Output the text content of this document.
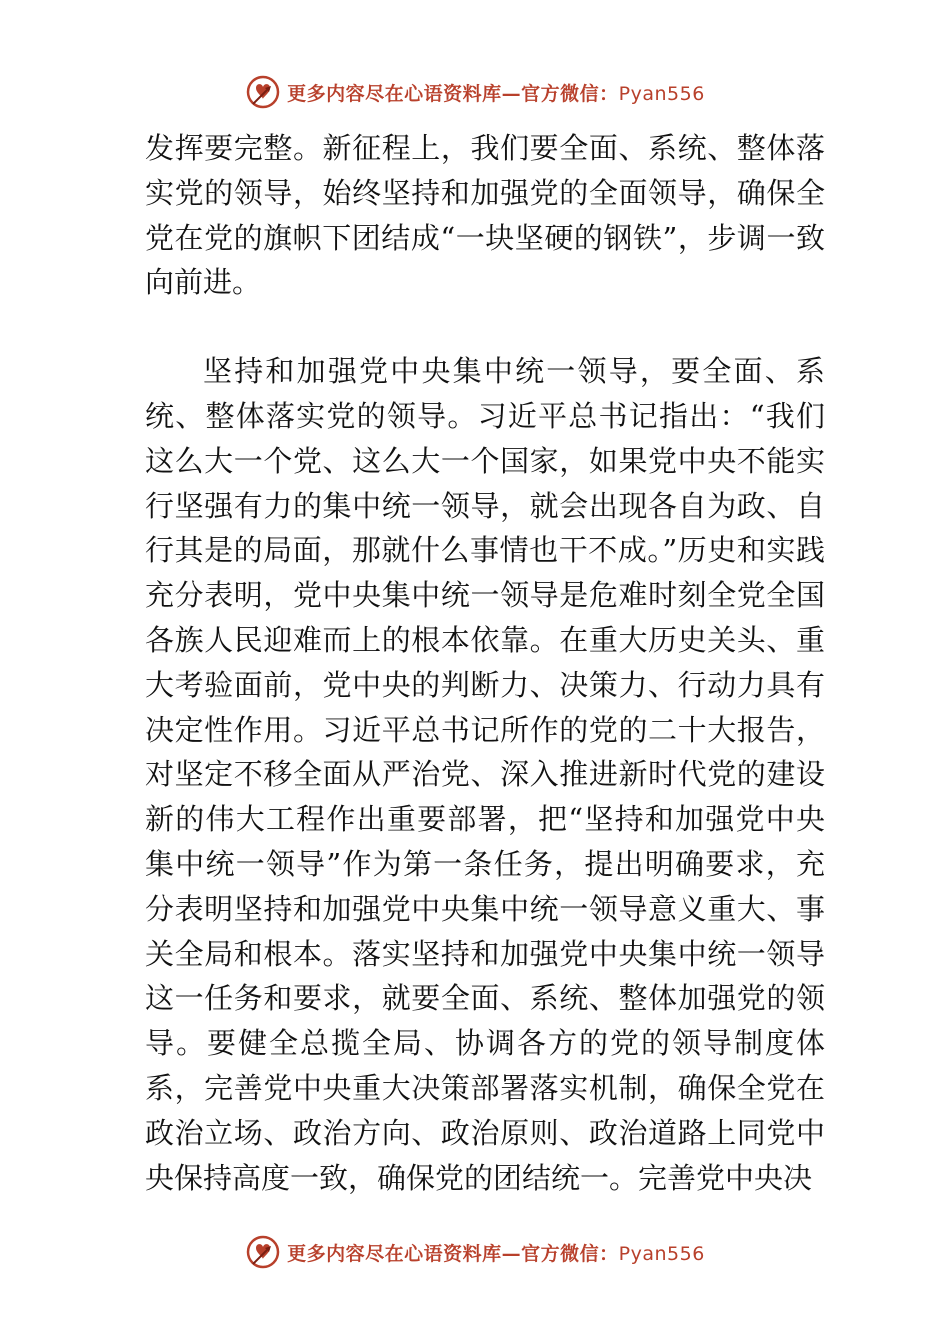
更多内容尽在心语资料库—官方微信：Pyan556

发挥要完整。新征程上，我们要全面、系统、整体落实党的领导，始终坚持和加强党的全面领导，确保全党在党的旗帜下团结成“一块坚硬的钢铁”，步调一致向前进。

坚持和加强党中央集中统一领导，要全面、系统、整体落实党的领导。习近平总书记指出：“我们这么大一个党、这么大一个国家，如果党中央不能实行坚强有力的集中统一领导，就会出现各自为政、自行其是的局面，那就什么事情也干不成。”历史和实践充分表明，党中央集中统一领导是危难时刻全党全国各族人民迎难而上的根本依靠。在重大历史关头、重大考验面前，党中央的判断力、决策力、行动力具有决定性作用。习近平总书记所作的党的二十大报告，对坚定不移全面从严治党、深入推进新时代党的建设新的伟大工程作出重要部署，把“坚持和加强党中央集中统一领导”作为第一条任务，提出明确要求，充分表明坚持和加强党中央集中统一领导意义重大、事关全局和根本。落实坚持和加强党中央集中统一领导这一任务和要求，就要全面、系统、整体加强党的领导。要健全总揽全局、协调各方的党的领导制度体系，完善党中央重大决策部署落实机制，确保全党在政治立场、政治方向、政治原则、政治道路上同党中央保持高度一致，确保党的团结统一。完善党中央决

更多内容尽在心语资料库—官方微信：Pyan556
